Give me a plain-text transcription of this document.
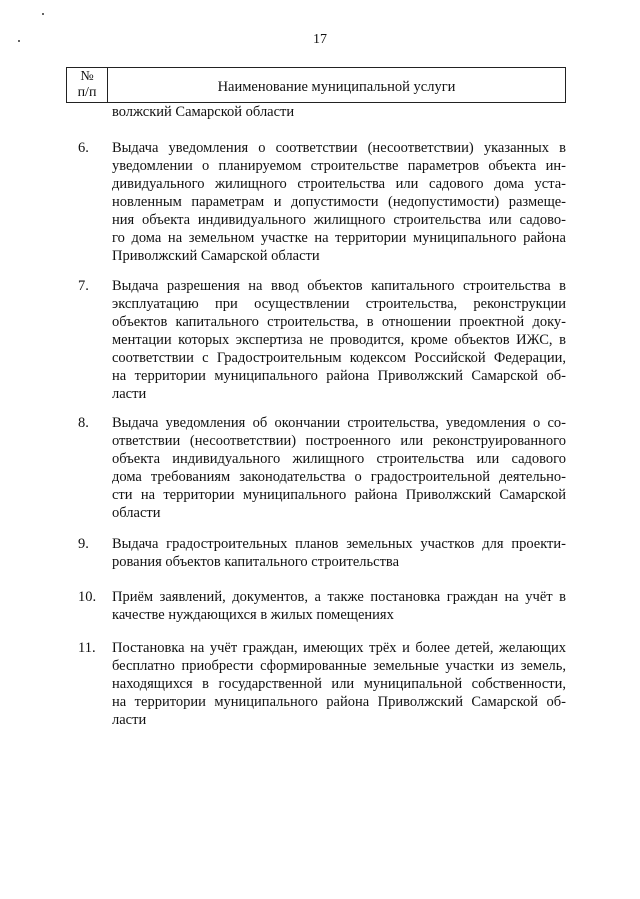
17
№
п/п	Наименование муниципальной услуги
волжский Самарской области
6.	Выдача уведомления о соответствии (несоответствии) указанных в
уведомлении о планируемом строительстве параметров объекта ин-
дивидуального жилищного строительства или садового дома уста-
новленным параметрам и допустимости (недопустимости) размеще-
ния объекта индивидуального жилищного строительства или садово-
го дома на земельном участке на территории муниципального района
Приволжский Самарской области
7.	Выдача разрешения на ввод объектов капитального строительства в
эксплуатацию при осуществлении строительства, реконструкции
объектов капитального строительства, в отношении проектной доку-
ментации которых экспертиза не проводится, кроме объектов ИЖС, в
соответствии с Градостроительным кодексом Российской Федерации,
на территории муниципального района Приволжский Самарской об-
ласти
8.	Выдача уведомления об окончании строительства, уведомления о со-
ответствии (несоответствии) построенного или реконструированного
объекта индивидуального жилищного строительства или садового
дома требованиям законодательства о градостроительной деятельно-
сти на территории муниципального района Приволжский Самарской
области
9.	Выдача градостроительных планов земельных участков для проекти-
рования объектов капитального строительства
10.	Приём заявлений, документов, а также постановка граждан на учёт в
качестве нуждающихся в жилых помещениях
11.	Постановка на учёт граждан, имеющих трёх и более детей, желающих
бесплатно приобрести сформированные земельные участки из земель,
находящихся в государственной или муниципальной собственности,
на территории муниципального района Приволжский Самарской об-
ласти
